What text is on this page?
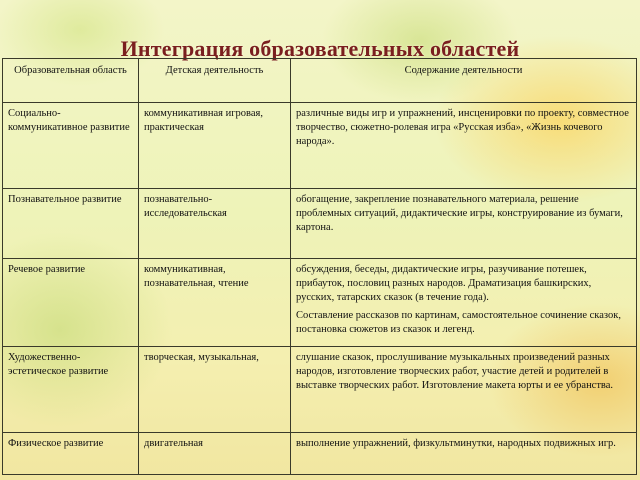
Интеграция образовательных областей
Образовательная область	Детская деятельность	Содержание деятельности
Социально-коммуникативное развитие	коммуникативная игровая, практическая	различные виды игр и упражнений, инсценировки по проекту, совместное творчество, сюжетно-ролевая игра «Русская изба», «Жизнь кочевого народа».

Познавательное развитие	познавательно-исследовательская	обогащение, закрепление познавательного материала, решение проблемных ситуаций, дидактические игры, конструирование из бумаги, картона.

Речевое развитие	коммуникативная, познавательная, чтение	обсуждения, беседы, дидактические игры, разучивание потешек, прибауток, пословиц разных народов. Драматизация башкирских, русских, татарских сказок (в течение года).

Составление рассказов по картинам, самостоятельное сочинение сказок, постановка сюжетов из сказок и легенд.

Художественно-эстетическое развитие	творческая, музыкальная,	слушание сказок, прослушивание музыкальных произведений разных народов, изготовление творческих работ, участие детей и родителей в выставке творческих работ. Изготовление макета юрты и ее убранства.

Физическое развитие	двигательная	выполнение упражнений, физкультминутки, народных подвижных игр.
